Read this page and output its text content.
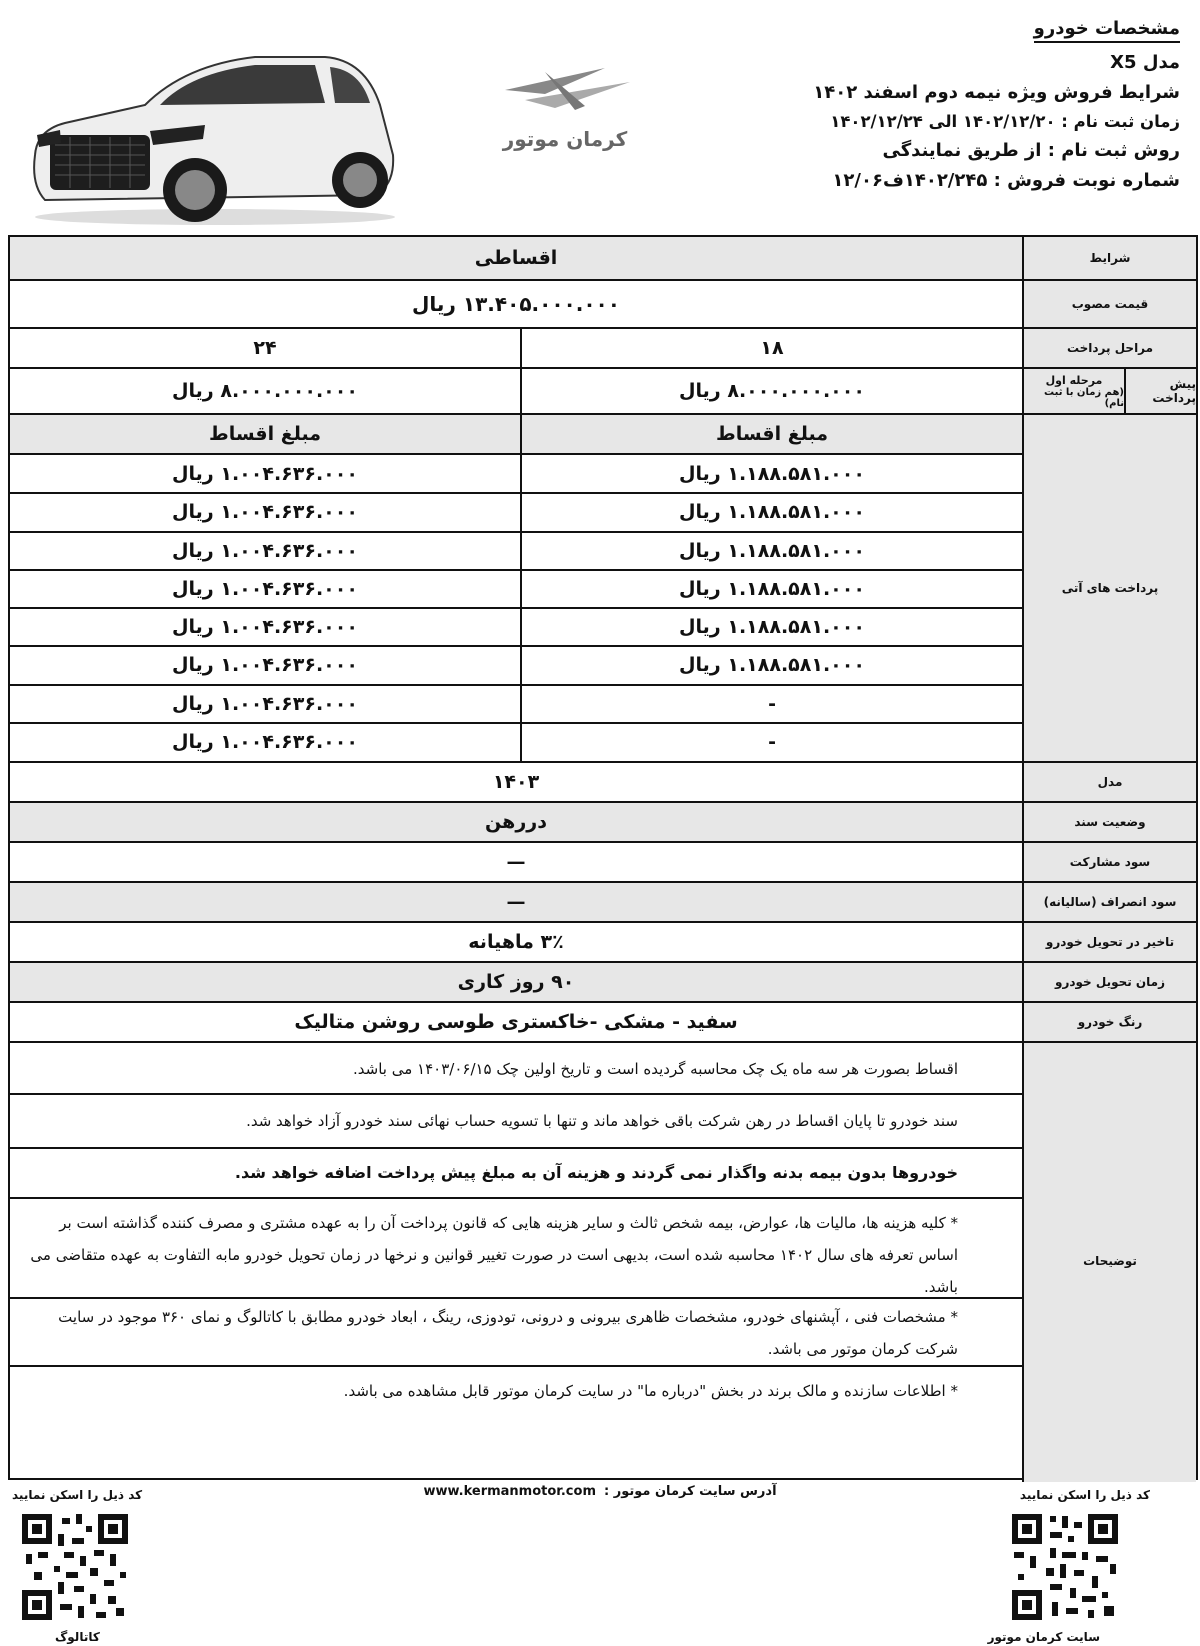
مشخصات خودرو
مدل X5
شرایط فروش ویژه نیمه دوم اسفند ۱۴۰۲
زمان ثبت نام : ۱۴۰۲/۱۲/۲۰ الی ۱۴۰۲/۱۲/۲۴
روش ثبت نام : از طریق نمایندگی
شماره نوبت فروش : ۱۴۰۲/۲۴۵ف۱۲/۰۶
کرمان موتور
شرایط
اقساطی
قیمت مصوب
۱۳.۴۰۵.۰۰۰.۰۰۰ ریال
مراحل پرداخت
۱۸
۲۴
پیش پرداخت
مرحله اول
(هم زمان با ثبت نام)
۸.۰۰۰.۰۰۰.۰۰۰ ریال
۸.۰۰۰.۰۰۰.۰۰۰ ریال
مبلغ اقساط
مبلغ اقساط
پرداخت های آتی
۱.۱۸۸.۵۸۱.۰۰۰ ریال
۱.۰۰۴.۶۳۶.۰۰۰ ریال
۱.۱۸۸.۵۸۱.۰۰۰ ریال
۱.۰۰۴.۶۳۶.۰۰۰ ریال
۱.۱۸۸.۵۸۱.۰۰۰ ریال
۱.۰۰۴.۶۳۶.۰۰۰ ریال
۱.۱۸۸.۵۸۱.۰۰۰ ریال
۱.۰۰۴.۶۳۶.۰۰۰ ریال
۱.۱۸۸.۵۸۱.۰۰۰ ریال
۱.۰۰۴.۶۳۶.۰۰۰ ریال
۱.۱۸۸.۵۸۱.۰۰۰ ریال
۱.۰۰۴.۶۳۶.۰۰۰ ریال
-
۱.۰۰۴.۶۳۶.۰۰۰ ریال
-
۱.۰۰۴.۶۳۶.۰۰۰ ریال
مدل
۱۴۰۳
وضعیت سند
دررهن
سود مشارکت
—
سود انصراف (سالیانه)
—
تاخیر در تحویل خودرو
۳٪ ماهیانه
زمان تحویل خودرو
۹۰ روز کاری
رنگ خودرو
سفید - مشکی -خاکستری طوسی روشن متالیک
توضیحات
اقساط بصورت هر سه ماه یک چک محاسبه گردیده است و تاریخ اولین چک ۱۴۰۳/۰۶/۱۵ می باشد.
سند خودرو تا پایان اقساط در رهن شرکت باقی خواهد ماند و تنها با تسویه حساب نهائی سند خودرو آزاد خواهد شد.
خودروها بدون بیمه بدنه واگذار نمی گردند و هزینه آن به مبلغ پیش پرداخت اضافه خواهد شد.
* کلیه هزینه ها، مالیات ها، عوارض، بیمه شخص ثالث و سایر هزینه هایی که قانون پرداخت آن را به عهده مشتری و مصرف کننده گذاشته است بر اساس تعرفه های سال ۱۴۰۲ محاسبه شده است، بدیهی است در صورت تغییر قوانین و نرخها در زمان تحویل خودرو مابه التفاوت به عهده متقاضی می باشد.
* مشخصات فنی ، آپشنهای خودرو، مشخصات ظاهری بیرونی و درونی، تودوزی، رینگ ، ابعاد خودرو مطابق با کاتالوگ و نمای ۳۶۰ موجود در سایت شرکت کرمان موتور می باشد.
* اطلاعات سازنده و مالک برند در بخش "درباره ما" در سایت کرمان موتور قابل مشاهده می باشد.
کد ذیل را اسکن نمایید
کد ذیل را اسکن نمایید	آدرس سایت کرمان موتور :
www.kermanmotor.com
سایت کرمان موتور
کاتالوگ
